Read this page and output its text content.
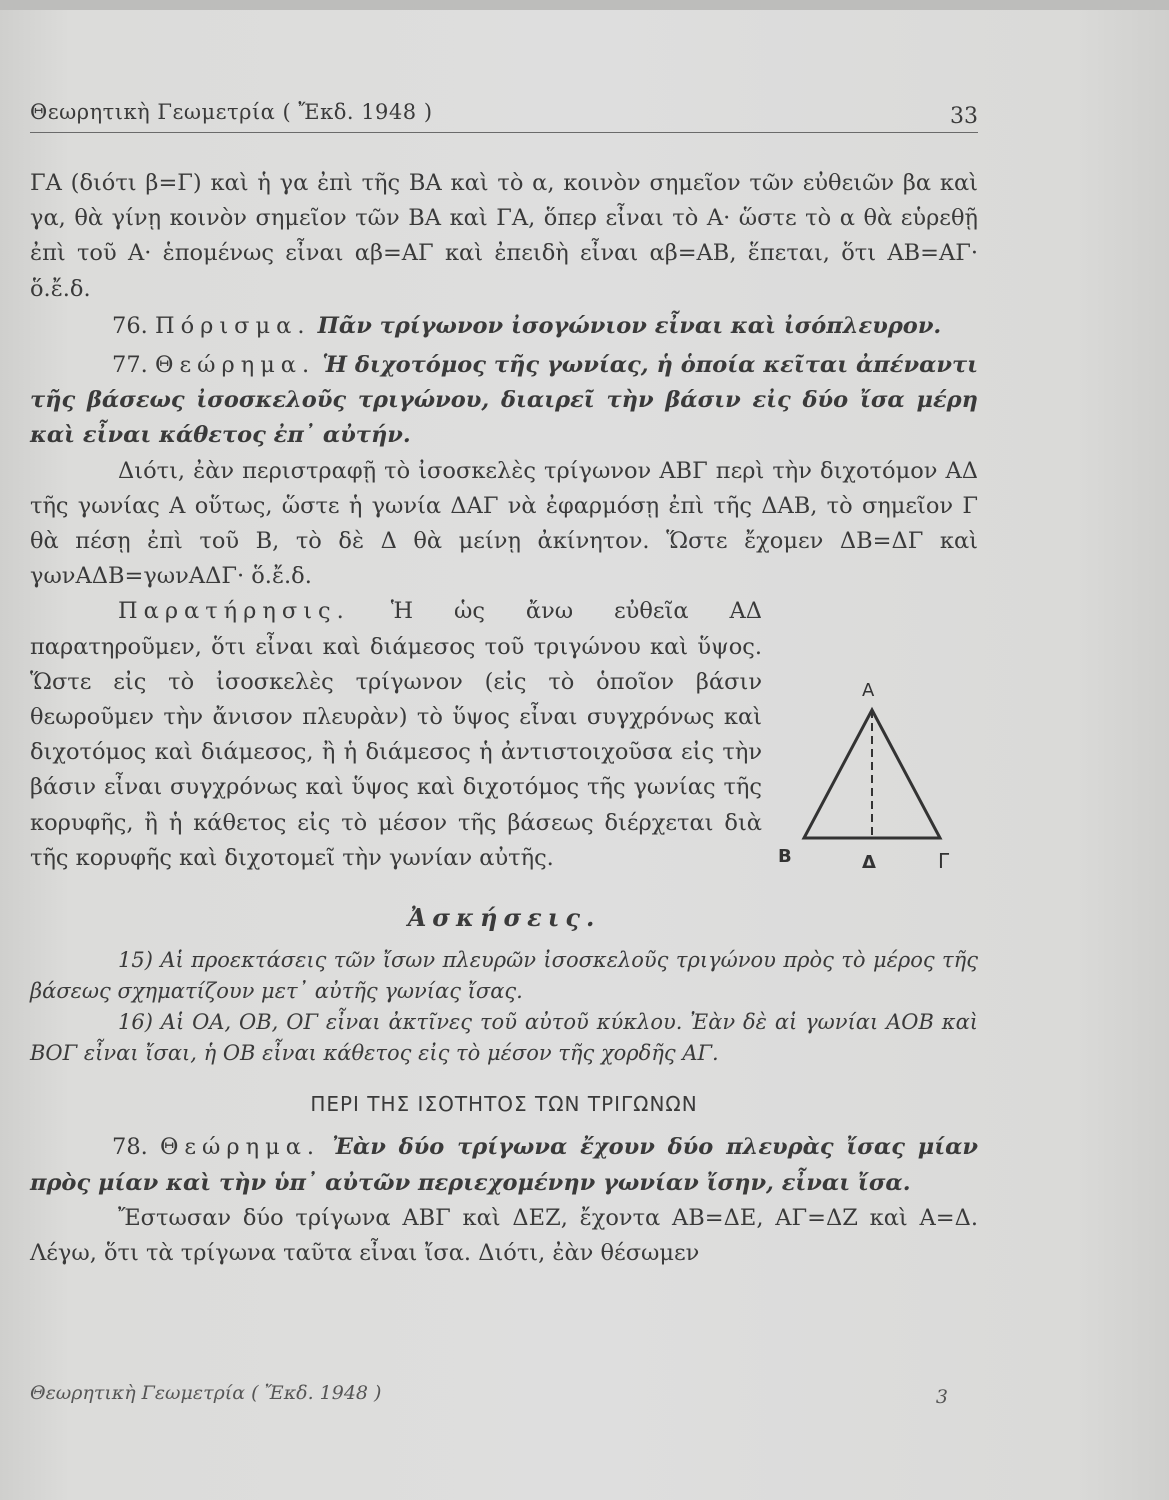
Θεωρητικὴ Γεωμετρία ( Ἔκδ. 1948 )	33

ΓΑ (διότι β=Γ) καὶ ἡ γα ἐπὶ τῆς ΒΑ καὶ τὸ α, κοινὸν σημεῖον τῶν εὐθειῶν βα καὶ γα, θὰ γίνῃ κοινὸν σημεῖον τῶν ΒΑ καὶ ΓΑ, ὅπερ εἶναι τὸ Α· ὥστε τὸ α θὰ εὑρεθῇ ἐπὶ τοῦ Α· ἑπομένως εἶναι αβ=ΑΓ καὶ ἐπειδὴ εἶναι αβ=ΑΒ, ἕπεται, ὅτι ΑΒ=ΑΓ· ὅ.ἔ.δ.

76. Πόρισμα. Πᾶν τρίγωνον ἰσογώνιον εἶναι καὶ ἰσόπλευρον.

77. Θεώρημα. Ἡ διχοτόμος τῆς γωνίας, ἡ ὁποία κεῖται ἀπέναντι τῆς βάσεως ἰσοσκελοῦς τριγώνου, διαιρεῖ τὴν βάσιν εἰς δύο ἴσα μέρη καὶ εἶναι κάθετος ἐπ᾽ αὐτήν.

Διότι, ἐὰν περιστραφῇ τὸ ἰσοσκελὲς τρίγωνον ΑΒΓ περὶ τὴν διχοτόμον ΑΔ τῆς γωνίας Α οὕτως, ὥστε ἡ γωνία ΔΑΓ νὰ ἐφαρμόσῃ ἐπὶ τῆς ΔΑΒ, τὸ σημεῖον Γ θὰ πέσῃ ἐπὶ τοῦ Β, τὸ δὲ Δ θὰ μείνῃ ἀκίνητον. Ὥστε ἔχομεν ΔΒ=ΔΓ καὶ γωνΑΔΒ=γωνΑΔΓ· ὅ.ἔ.δ.

Παρατήρησις. Ἡ ὡς ἄνω εὐθεῖα ΑΔ παρατηροῦμεν, ὅτι εἶναι καὶ διάμεσος τοῦ τριγώνου καὶ ὕψος. Ὥστε εἰς τὸ ἰσοσκελὲς τρίγωνον (εἰς τὸ ὁποῖον βάσιν θεωροῦμεν τὴν ἄνισον πλευρὰν) τὸ ὕψος εἶναι συγχρόνως καὶ διχοτόμος καὶ διάμεσος, ἢ ἡ διάμεσος ἡ ἀντιστοιχοῦσα εἰς τὴν βάσιν εἶναι συγχρόνως καὶ ὕψος καὶ διχοτόμος τῆς γωνίας τῆς κορυφῆς, ἢ ἡ κάθετος εἰς τὸ μέσον τῆς βάσεως διέρχεται διὰ τῆς κορυφῆς καὶ διχοτομεῖ τὴν γωνίαν αὐτῆς.

Ἀσκήσεις.

15) Αἱ προεκτάσεις τῶν ἴσων πλευρῶν ἰσοσκελοῦς τριγώνου πρὸς τὸ μέρος τῆς βάσεως σχηματίζουν μετ᾽ αὐτῆς γωνίας ἴσας.

16) Αἱ ΟΑ, ΟΒ, ΟΓ εἶναι ἀκτῖνες τοῦ αὐτοῦ κύκλου. Ἐὰν δὲ αἱ γωνίαι ΑΟΒ καὶ ΒΟΓ εἶναι ἴσαι, ἡ ΟΒ εἶναι κάθετος εἰς τὸ μέσον τῆς χορδῆς ΑΓ.

ΠΕΡΙ ΤΗΣ ΙΣΟΤΗΤΟΣ ΤΩΝ ΤΡΙΓΩΝΩΝ

78. Θεώρημα. Ἐὰν δύο τρίγωνα ἔχουν δύο πλευρὰς ἴσας μίαν πρὸς μίαν καὶ τὴν ὑπ᾽ αὐτῶν περιεχομένην γωνίαν ἴσην, εἶναι ἴσα.

Ἔστωσαν δύο τρίγωνα ΑΒΓ καὶ ΔΕΖ, ἔχοντα ΑΒ=ΔΕ, ΑΓ=ΔΖ καὶ Α=Δ. Λέγω, ὅτι τὰ τρίγωνα ταῦτα εἶναι ἴσα. Διότι, ἐὰν θέσωμεν

Α
Β	Δ	Γ
Θεωρητικὴ Γεωμετρία ( Ἔκδ. 1948 )	3
